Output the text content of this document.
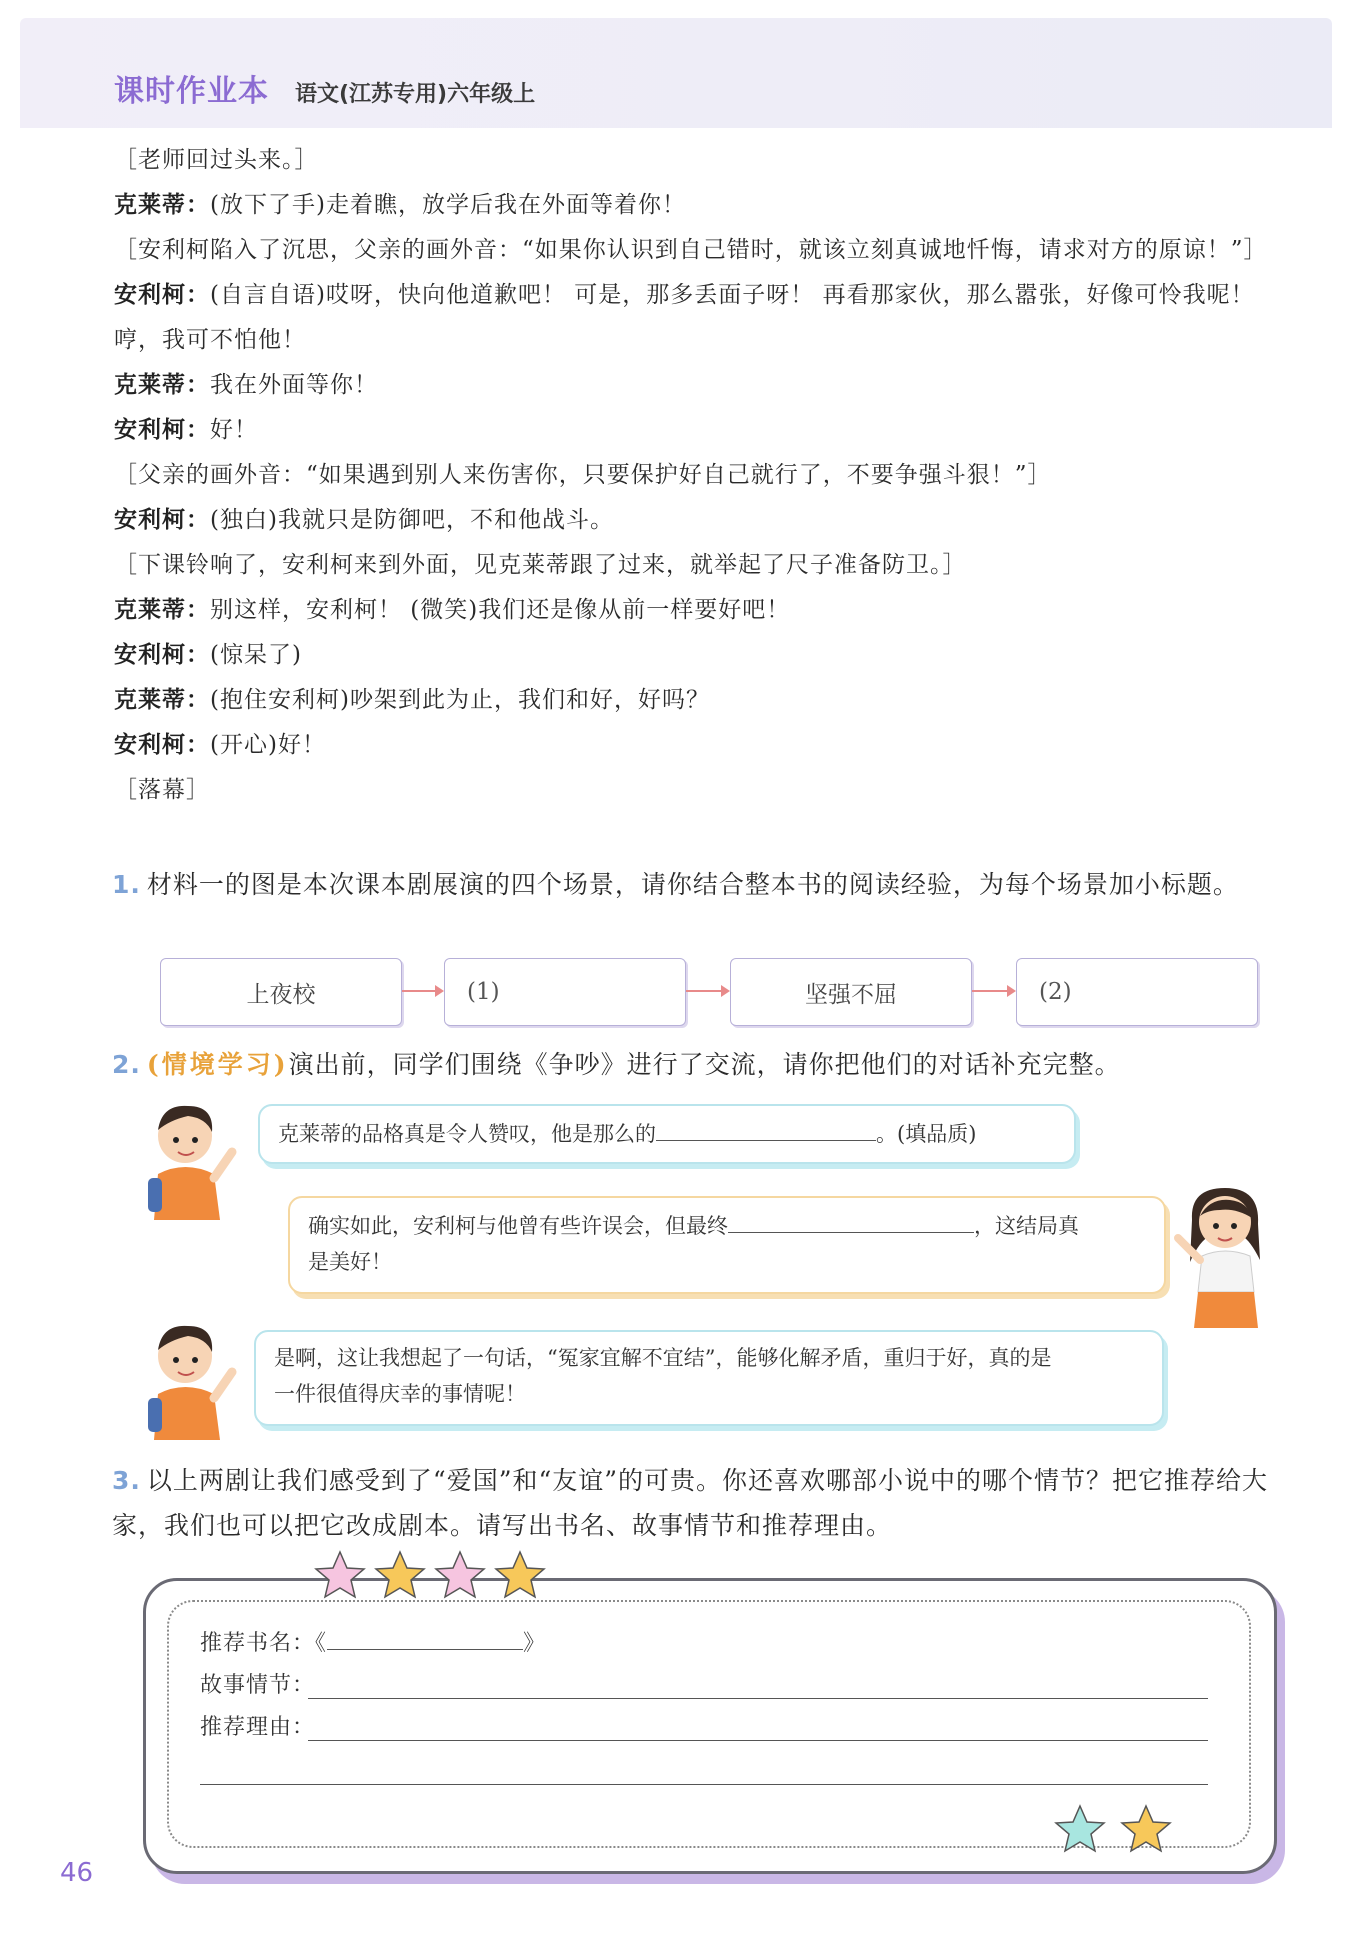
课时作业本 语文(江苏专用)六年级上
［老师回过头来。］
克莱蒂：(放下了手)走着瞧，放学后我在外面等着你！
［安利柯陷入了沉思，父亲的画外音：“如果你认识到自己错时，就该立刻真诚地忏悔，请求对方的原谅！”］
安利柯：(自言自语)哎呀，快向他道歉吧！ 可是，那多丢面子呀！ 再看那家伙，那么嚣张，好像可怜我呢！ 哼，我可不怕他！
克莱蒂：我在外面等你！
安利柯：好！
［父亲的画外音：“如果遇到别人来伤害你，只要保护好自己就行了，不要争强斗狠！”］
安利柯：(独白)我就只是防御吧，不和他战斗。
［下课铃响了，安利柯来到外面，见克莱蒂跟了过来，就举起了尺子准备防卫。］
克莱蒂：别这样，安利柯！ (微笑)我们还是像从前一样要好吧！
安利柯：(惊呆了)
克莱蒂：(抱住安利柯)吵架到此为止，我们和好，好吗？
安利柯：(开心)好！
［落幕］
1. 材料一的图是本次课本剧展演的四个场景，请你结合整本书的阅读经验，为每个场景加小标题。
上夜校	(1)	坚强不屈	(2)
2. (情境学习)演出前，同学们围绕《争吵》进行了交流，请你把他们的对话补充完整。
克莱蒂的品格真是令人赞叹，他是那么的	。(填品质)
确实如此，安利柯与他曾有些许误会，但最终	，这结局真
是美好！
是啊，这让我想起了一句话，“冤家宜解不宜结”，能够化解矛盾，重归于好，真的是
一件很值得庆幸的事情呢！
3. 以上两剧让我们感受到了“爱国”和“友谊”的可贵。你还喜欢哪部小说中的哪个情节？把它推荐给大家，我们也可以把它改成剧本。请写出书名、故事情节和推荐理由。
推荐书名：《	》
故事情节：
推荐理由：
46
